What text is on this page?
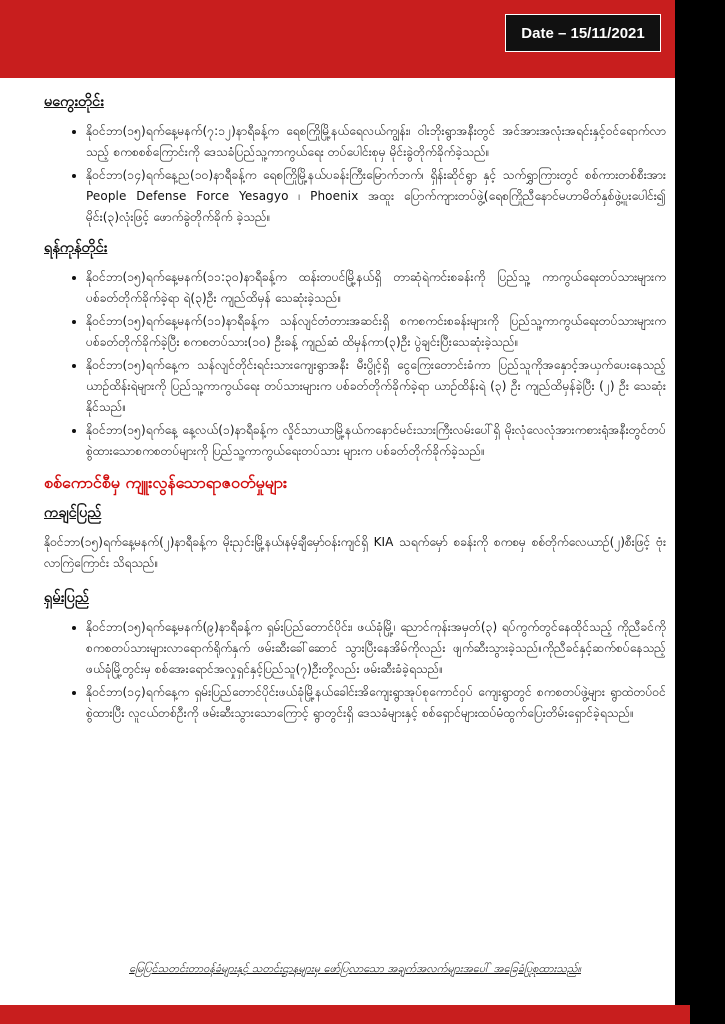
Date – 15/11/2021
မကွေးတိုင်း
• နိုဝင်ဘာ(၁၅)ရက်နေ့မနက်(၇:၁၂)နာရီခန့်က ရေစကြိုမြို့နယ်ရေလယ်ကျွန်း၊ ဝါးဘိုးရွာအနီးတွင် အင်အားအလုံးအရင်းနှင့်ဝင်ရောက်လာသည့် စကစစစ်ကြောင်းကို ဒေသခံပြည်သူ့ကာကွယ်ရေး တပ်ပေါင်းစုမှ မိုင်းခွဲတိုက်ခိုက်ခဲ့သည်။
• နိုဝင်ဘာ(၁၄)ရက်နေ့ည(၁၀)နာရီခန့်က ရေစကြိုမြို့နယ်ပခန်းကြီးမြောက်ဘက်၊ ရှိန်းဆိုင်ရွာ နှင့် သက်ရွှာကြားတွင် စစ်ကားတစ်စီးအား People Defense Force Yesagyo ၊ Phoenix အထူး ပြောက်ကျားတပ်ဖွဲ့(ရေစကြိုညီနောင်မဟာမိတ်နှစ်ဖွဲ့ပူးပေါင်း၍ မိုင်း(၃)လုံးဖြင့် ဖောက်ခွဲတိုက်ခိုက် ခဲ့သည်။
ရန်ကုန်တိုင်း
• နိုဝင်ဘာ(၁၅)ရက်နေ့မနက်(၁၁:၃၀)နာရီခန့်က ထန်းတပင်မြို့နယ်ရှိ တာဆုံရဲကင်းစခန်းကို ပြည်သူ့ ကာကွယ်ရေးတပ်သားများက ပစ်ခတ်တိုက်ခိုက်ခဲ့ရာ ရဲ(၃)ဦး ကျည်ထိမှန် သေဆုံးခဲ့သည်။
• နိုဝင်ဘာ(၁၅)ရက်နေ့မနက်(၁၁)နာရီခန့်က သန်လျင်တံတားအဆင်းရှိ စကစကင်းစခန်းများကို ပြည်သူ့ကာကွယ်ရေးတပ်သားများက ပစ်ခတ်တိုက်ခိုက်ခဲ့ပြီး စကစတပ်သား(၁၀) ဦးခန့် ကျည်ဆံ ထိမှန်ကာ(၃)ဦး ပွဲချင်းပြီးသေဆုံးခဲ့သည်။
• နိုဝင်ဘာ(၁၅)ရက်နေ့က သန်လျင်တိုင်းရင်းသားကျေးရွာအနီး မီးပွိုင့်ရှိ ငွေကြေးတောင်းခံကာ ပြည်သူကိုအနှောင့်အယှက်ပေးနေသည့် ယာဉ်ထိန်းရဲများကို ပြည်သူ့ကာကွယ်ရေး တပ်သားများက ပစ်ခတ်တိုက်ခိုက်ခဲ့ရာ ယာဉ်ထိန်းရဲ (၃) ဦး ကျည်ထိမှန်ခဲ့ပြီး (၂) ဦး သေဆုံးနိုင်သည်။
• နိုဝင်ဘာ(၁၅)ရက်နေ့ နေ့လယ်(၁)နာရီခန့်က လှိုင်သာယာမြို့နယ်ကနောင်မင်းသားကြီးလမ်းပေါ်ရှိ မိုးလုံလေလုံအားကစားရုံအနီးတွင်တပ်စွဲထားသောစကစတပ်များကို ပြည်သူ့ကာကွယ်ရေးတပ်သား များက ပစ်ခတ်တိုက်ခိုက်ခဲ့သည်။
စစ်ကောင်စီမှ ကျူးလွန်သောရာဇဝတ်မှုများ
ကချင်ပြည်
နိုဝင်ဘာ(၁၅)ရက်နေ့မနက်(၂)နာရီခန့်က မိုးညှင်းမြို့နယ်၊နမ့်ချီမှော်ဝန်းကျင်ရှိ KIA သရက်မှော် စခန်းကို စကစမှ စစ်တိုက်လေယာဉ်(၂)စီးဖြင့် ဗုံးလာကြဲကြောင်း သိရသည်။
ရှမ်းပြည်
• နိုဝင်ဘာ(၁၅)ရက်နေ့မနက်(၉)နာရီခန့်က ရှမ်းပြည်တောင်ပိုင်း၊ ဖယ်ခုံမြို့၊ ညောင်ကုန်းအမှတ်(၃) ရပ်ကွက်တွင်နေထိုင်သည့် ကိုညီခင်ကို စကစတပ်သားများလာရောက်ရိုက်နှက် ဖမ်းဆီးခေါ်ဆောင် သွားပြီးနေအိမ်ကိုလည်း ဖျက်ဆီးသွားခဲ့သည်။ကိုညီခင်နှင့်ဆက်စပ်နေသည့် ဖယ်ခုံမြို့တွင်းမှ စစ်အေးရောင်အလှုရှင်နှင့်ပြည်သူ(၇)ဦးတို့လည်း ဖမ်းဆီးခံခဲ့ရသည်။
• နိုဝင်ဘာ(၁၄)ရက်နေ့က ရှမ်းပြည်တောင်ပိုင်းဖယ်ခုံမြို့နယ်ခေါင်းအိကျေးရွာအုပ်စုကောင်ဝှပ် ကျေးရွာတွင် စကစတပ်ဖွဲ့များ ရွာထဲတပ်ဝင်စွဲထားပြီး လူငယ်တစ်ဦးကို ဖမ်းဆီးသွားသောကြောင့် ရွာတွင်းရှိ ဒေသခံများနှင့် စစ်ရှောင်များထပ်မံထွက်ပြေးတိမ်းရှောင်ခဲ့ရသည်။
မြေပြင်သတင်းတာဝန်ခံများနှင့် သတင်းဌာနများမှ ဖော်ပြလာသော အချက်အလက်များအပေါ် အခြေခံပြုစုထားသည်။
